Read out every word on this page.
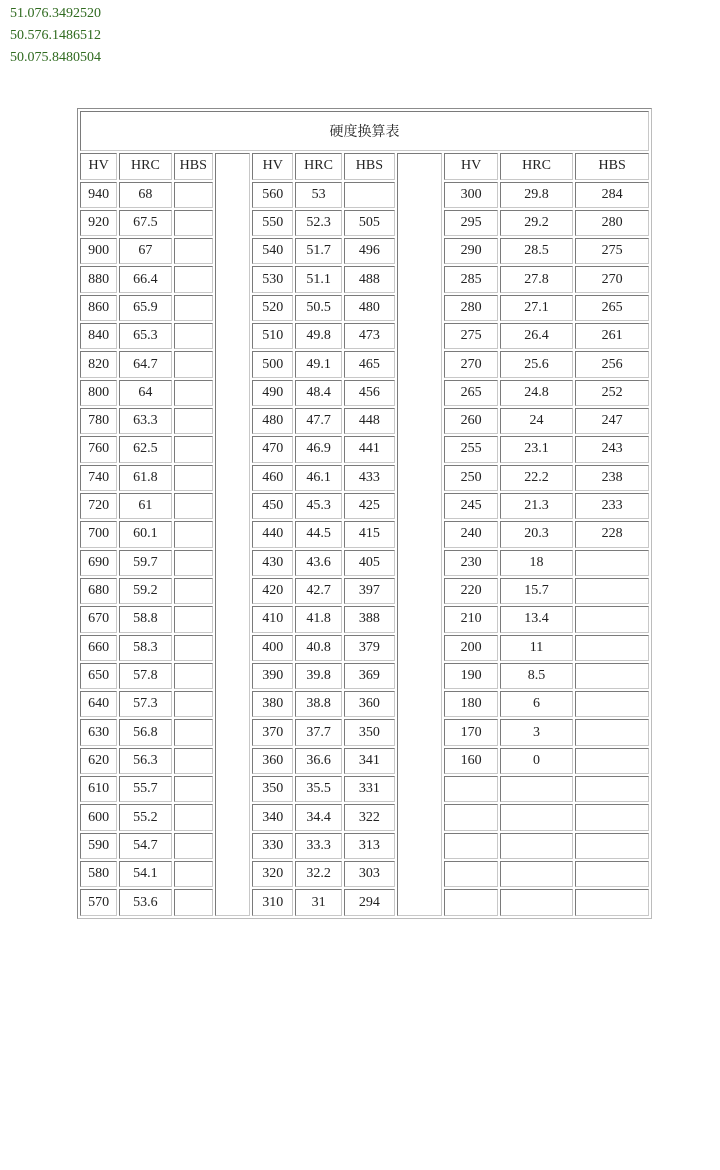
51.076.3492520
50.576.1486512
50.075.8480504
硬度换算表										
HV	HRC	HBS		HV	HRC	HBS		HV	HRC	HBS
940	68			560	53			300	29.8	284
920	67.5			550	52.3	505		295	29.2	280
900	67			540	51.7	496		290	28.5	275
880	66.4			530	51.1	488		285	27.8	270
860	65.9			520	50.5	480		280	27.1	265
840	65.3			510	49.8	473		275	26.4	261
820	64.7			500	49.1	465		270	25.6	256
800	64			490	48.4	456		265	24.8	252
780	63.3			480	47.7	448		260	24	247
760	62.5			470	46.9	441		255	23.1	243
740	61.8			460	46.1	433		250	22.2	238
720	61			450	45.3	425		245	21.3	233
700	60.1			440	44.5	415		240	20.3	228
690	59.7			430	43.6	405		230	18	
680	59.2			420	42.7	397		220	15.7	
670	58.8			410	41.8	388		210	13.4	
660	58.3			400	40.8	379		200	11	
650	57.8			390	39.8	369		190	8.5	
640	57.3			380	38.8	360		180	6	
630	56.8			370	37.7	350		170	3	
620	56.3			360	36.6	341		160	0	
610	55.7			350	35.5	331				
600	55.2			340	34.4	322				
590	54.7			330	33.3	313				
580	54.1			320	32.2	303				
570	53.6			310	31	294				
